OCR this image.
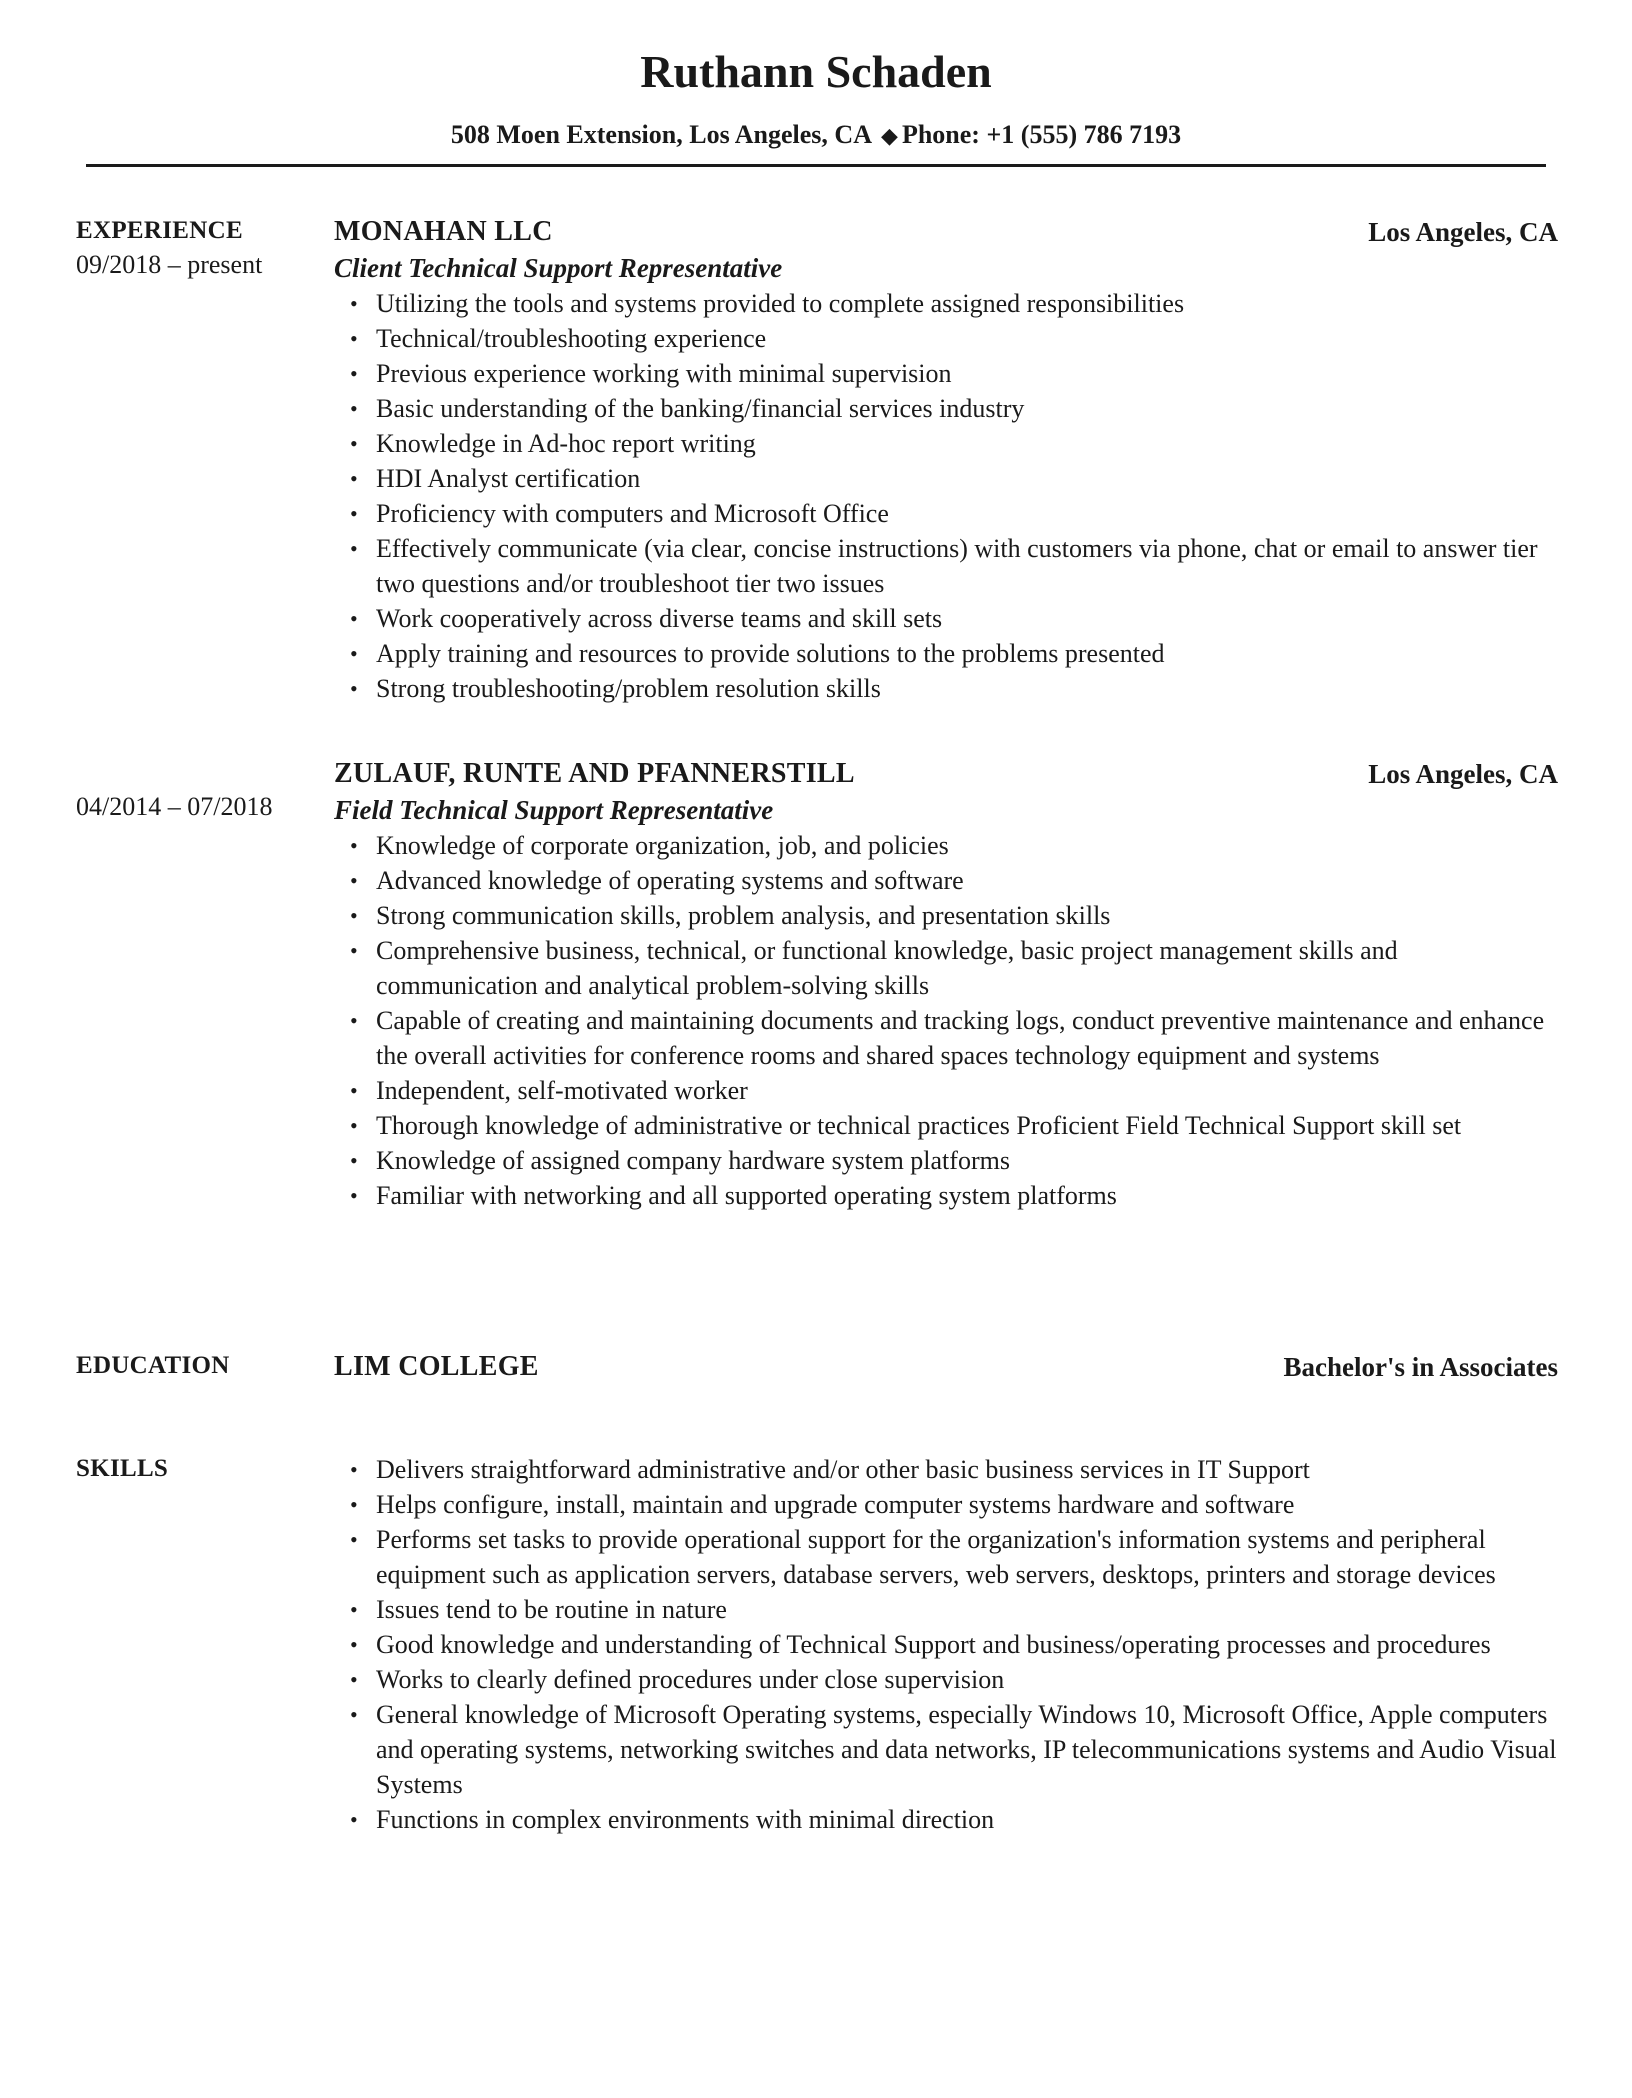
Ruthann Schaden
508 Moen Extension, Los Angeles, CA ◆ Phone: +1 (555) 786 7193
EXPERIENCE
09/2018 – present
MONAHAN LLC	Los Angeles, CA
Client Technical Support Representative
• Utilizing the tools and systems provided to complete assigned responsibilities
• Technical/troubleshooting experience
• Previous experience working with minimal supervision
• Basic understanding of the banking/financial services industry
• Knowledge in Ad-hoc report writing
• HDI Analyst certification
• Proficiency with computers and Microsoft Office
• Effectively communicate (via clear, concise instructions) with customers via phone, chat or email to answer tier two questions and/or troubleshoot tier two issues
• Work cooperatively across diverse teams and skill sets
• Apply training and resources to provide solutions to the problems presented
• Strong troubleshooting/problem resolution skills
04/2014 – 07/2018
ZULAUF, RUNTE AND PFANNERSTILL	Los Angeles, CA
Field Technical Support Representative
• Knowledge of corporate organization, job, and policies
• Advanced knowledge of operating systems and software
• Strong communication skills, problem analysis, and presentation skills
• Comprehensive business, technical, or functional knowledge, basic project management skills and communication and analytical problem-solving skills
• Capable of creating and maintaining documents and tracking logs, conduct preventive maintenance and enhance the overall activities for conference rooms and shared spaces technology equipment and systems
• Independent, self-motivated worker
• Thorough knowledge of administrative or technical practices Proficient Field Technical Support skill set
• Knowledge of assigned company hardware system platforms
• Familiar with networking and all supported operating system platforms
EDUCATION	LIM COLLEGE	Bachelor's in Associates
SKILLS
•	Delivers straightforward administrative and/or other basic business services in IT Support
• Helps configure, install, maintain and upgrade computer systems hardware and software
• Performs set tasks to provide operational support for the organization's information systems and peripheral equipment such as application servers, database servers, web servers, desktops, printers and storage devices
• Issues tend to be routine in nature
• Good knowledge and understanding of Technical Support and business/operating processes and procedures
• Works to clearly defined procedures under close supervision
• General knowledge of Microsoft Operating systems, especially Windows 10, Microsoft Office, Apple computers and operating systems, networking switches and data networks, IP telecommunications systems and Audio Visual Systems
• Functions in complex environments with minimal direction
